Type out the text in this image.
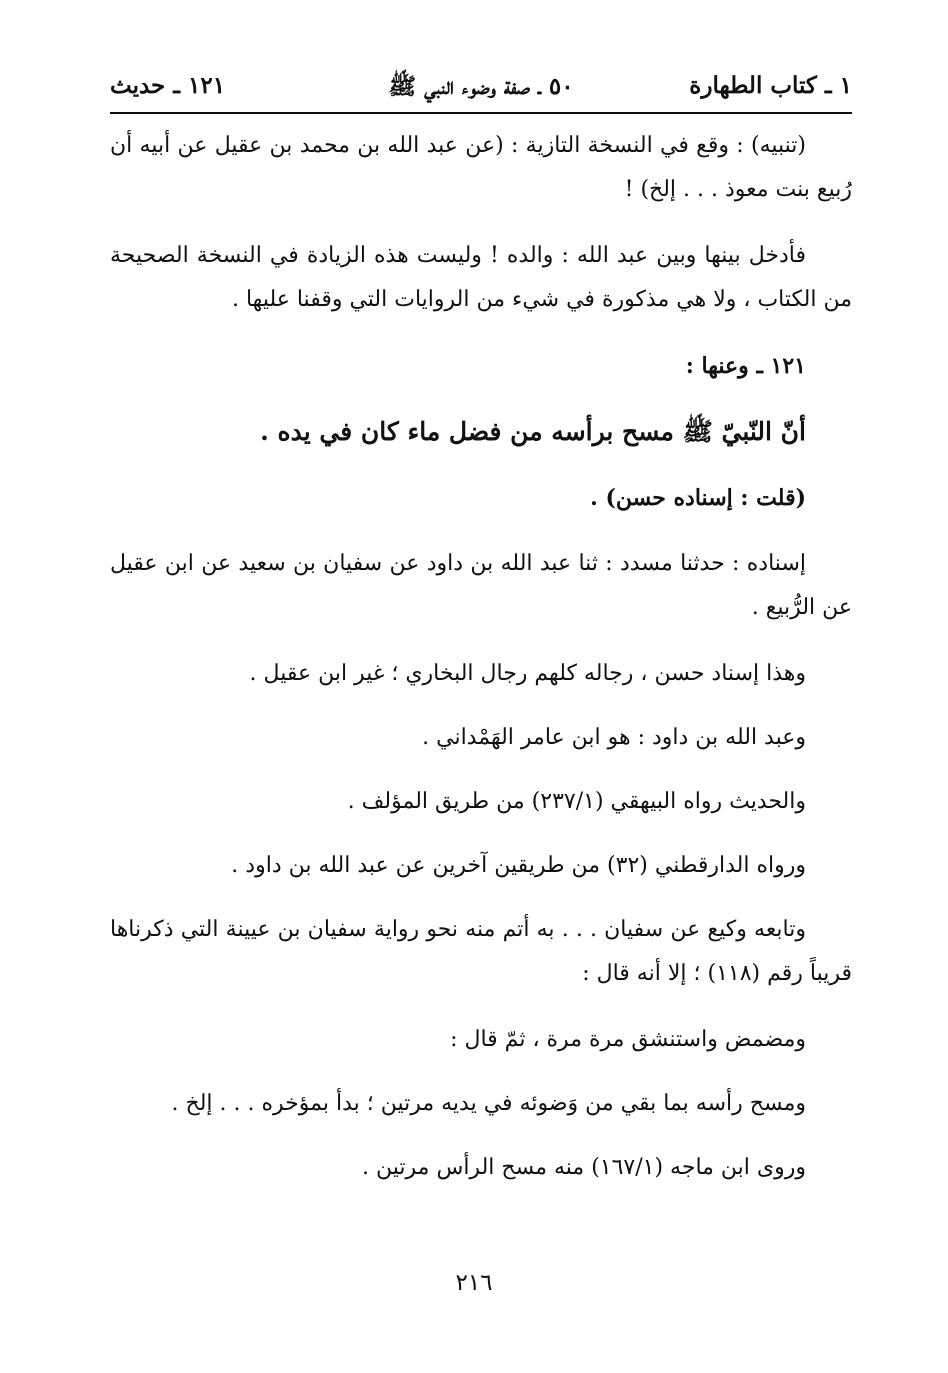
١ ـ كتاب الطهارة
٥٠ ـ صفة وضوء النبي ﷺ
١٢١ ـ حديث

(تنبيه) : وقع في النسخة التازية : (عن عبد الله بن محمد بن عقيل عن أبيه أن رُبيع بنت معوذ . . . إلخ) !

فأدخل بينها وبين عبد الله : والده ! وليست هذه الزيادة في النسخة الصحيحة من الكتاب ، ولا هي مذكورة في شيء من الروايات التي وقفنا عليها .

١٢١ ـ وعنها :

أنّ النّبيّ ﷺ مسح برأسه من فضل ماء كان في يده .

(قلت : إسناده حسن) .

إسناده : حدثنا مسدد : ثنا عبد الله بن داود عن سفيان بن سعيد عن ابن عقيل عن الرُّبيع .

وهذا إسناد حسن ، رجاله كلهم رجال البخاري ؛ غير ابن عقيل .

وعبد الله بن داود : هو ابن عامر الهَمْداني .

والحديث رواه البيهقي (٢٣٧/١) من طريق المؤلف .

ورواه الدارقطني (٣٢) من طريقين آخرين عن عبد الله بن داود .

وتابعه وكيع عن سفيان . . . به أتم منه نحو رواية سفيان بن عيينة التي ذكرناها قريباً رقم (١١٨) ؛ إلا أنه قال :

ومضمض واستنشق مرة مرة ، ثمّ قال :

ومسح رأسه بما بقي من وَضوئه في يديه مرتين ؛ بدأ بمؤخره . . . إلخ .

وروى ابن ماجه (١٦٧/١) منه مسح الرأس مرتين .

٢١٦
